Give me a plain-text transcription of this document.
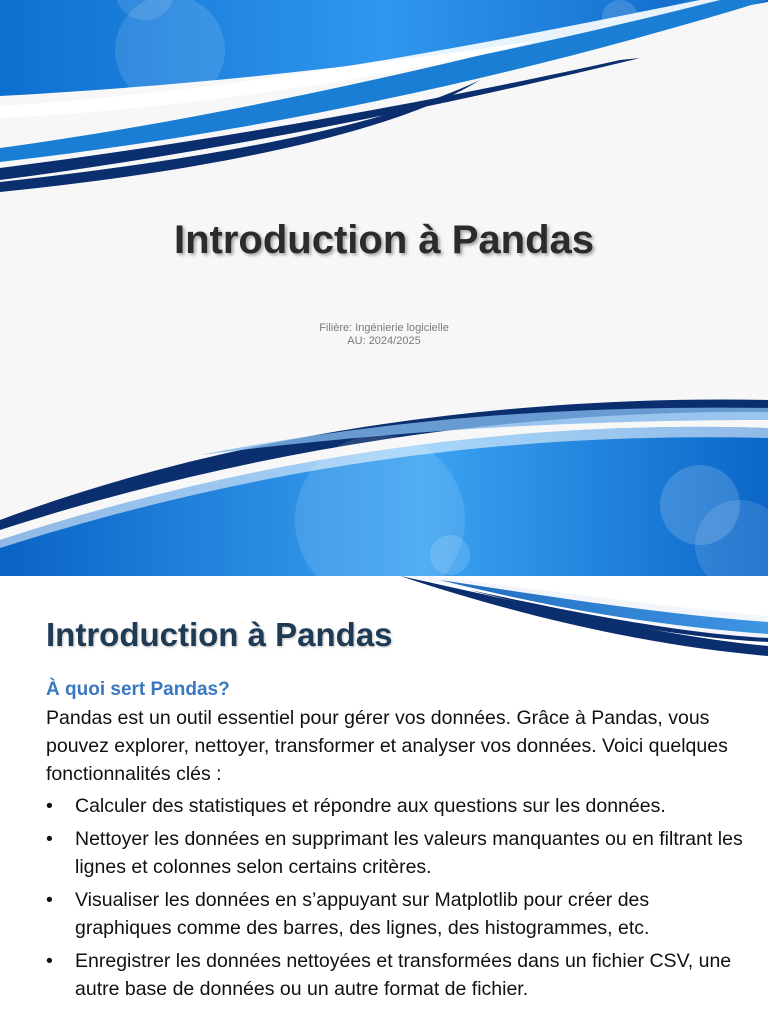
Introduction à Pandas
Filière: Ingénierie logicielle
AU: 2024/2025
Introduction à Pandas
À quoi sert Pandas?
Pandas est un outil essentiel pour gérer vos données. Grâce à Pandas, vous pouvez explorer, nettoyer, transformer et analyser vos données. Voici quelques fonctionnalités clés :
• Calculer des statistiques et répondre aux questions sur les données.
• Nettoyer les données en supprimant les valeurs manquantes ou en filtrant les lignes et colonnes selon certains critères.
• Visualiser les données en s’appuyant sur Matplotlib pour créer des graphiques comme des barres, des lignes, des histogrammes, etc.
• Enregistrer les données nettoyées et transformées dans un fichier CSV, une autre base de données ou un autre format de fichier.
